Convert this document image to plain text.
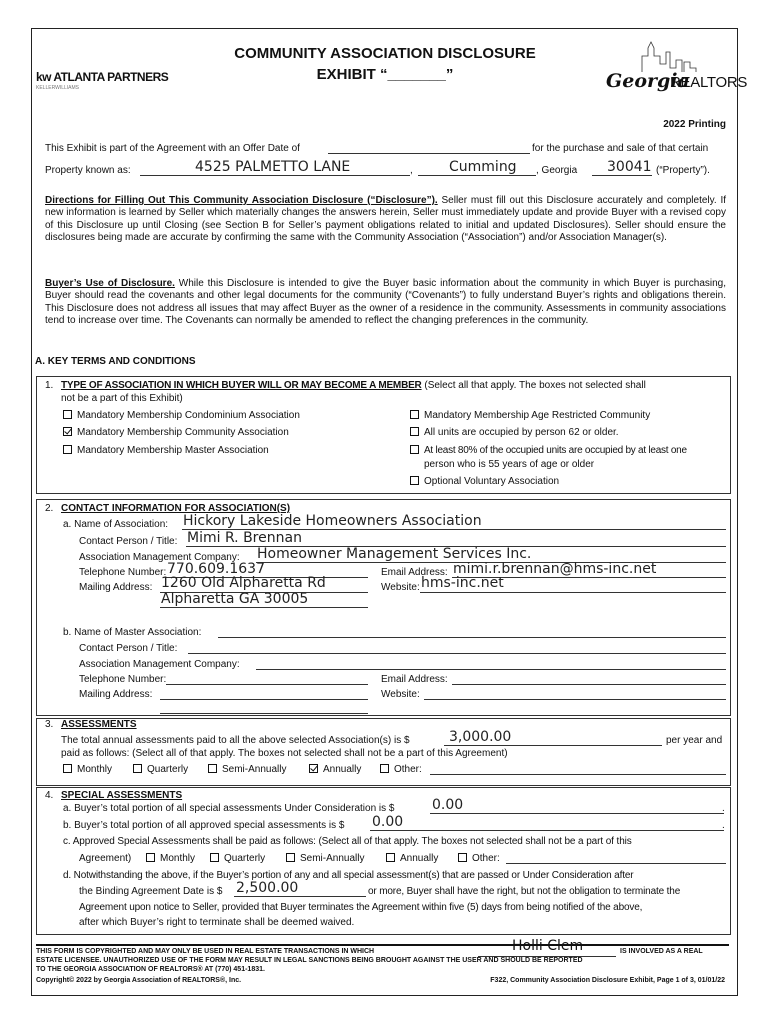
kw ATLANTA PARTNERS
KELLERWILLIAMS
COMMUNITY ASSOCIATION DISCLOSURE
EXHIBIT “_______”	Georgia
REALTORS
2022 Printing
This Exhibit is part of the Agreement with an Offer Date of	for the purchase and sale of that certain
Property known as:	4525 PALMETTO LANE	,	Cumming , Georgia 30041 (“Property”).
Directions for Filling Out This Community Association Disclosure (“Disclosure”). Seller must fill out this Disclosure accurately and completely. If new information is learned by Seller which materially changes the answers herein, Seller must immediately update and provide Buyer with a revised copy of this Disclosure up until Closing (see Section B for Seller’s payment obligations related to initial and updated Disclosures). Seller should ensure the disclosures being made are accurate by confirming the same with the Community Association (“Association”) and/or Association Manager(s).
Buyer’s Use of Disclosure. While this Disclosure is intended to give the Buyer basic information about the community in which Buyer is purchasing, Buyer should read the covenants and other legal documents for the community (“Covenants”) to fully understand Buyer’s rights and obligations therein. This Disclosure does not address all issues that may affect Buyer as the owner of a residence in the community. Assessments in community associations tend to increase over time. The Covenants can normally be amended to reflect the changing preferences in the community.
A. KEY TERMS AND CONDITIONS
1. TYPE OF ASSOCIATION IN WHICH BUYER WILL OR MAY BECOME A MEMBER (Select all that apply. The boxes not selected shall
not be a part of this Exhibit)
Mandatory Membership Condominium Association
Mandatory Membership Community Association
Mandatory Membership Master Association
Mandatory Membership Age Restricted Community
All units are occupied by person 62 or older.
At least 80% of the occupied units are occupied by at least one
person who is 55 years of age or older
Optional Voluntary Association
2. CONTACT INFORMATION FOR ASSOCIATION(S)
a. Name of Association: Hickory Lakeside Homeowners Association
Contact Person / Title: Mimi R. Brennan
Association Management Company: Homeowner Management Services Inc.
Telephone Number: 770.609.1637	Email Address: mimi.r.brennan@hms-inc.net
Mailing Address: 1260 Old Alpharetta Rd	Website: hms-inc.net
Alpharetta GA 30005
b. Name of Master Association:
Contact Person / Title:
Association Management Company:
Telephone Number:	Email Address:
Mailing Address:	Website:
3. ASSESSMENTS
The total annual assessments paid to all the above selected Association(s) is $	3,000.00	per year and
paid as follows: (Select all of that apply. The boxes not selected shall not be a part of this Agreement)
Monthly	Quarterly	Semi-Annually	Annually	Other:
4. SPECIAL ASSESSMENTS
a. Buyer’s total portion of all special assessments Under Consideration is $	0.00	.
b. Buyer’s total portion of all approved special assessments is $ 0.00	.
c. Approved Special Assessments shall be paid as follows: (Select all of that apply. The boxes not selected shall not be a part of this
Agreement)	Monthly	Quarterly	Semi-Annually	Annually	Other:
d. Notwithstanding the above, if the Buyer’s portion of any and all special assessment(s) that are passed or Under Consideration after
the Binding Agreement Date is $ 2,500.00	or more, Buyer shall have the right, but not the obligation to terminate the
Agreement upon notice to Seller, provided that Buyer terminates the Agreement within five (5) days from being notified of the above,
after which Buyer’s right to terminate shall be deemed waived.
THIS FORM IS COPYRIGHTED AND MAY ONLY BE USED IN REAL ESTATE TRANSACTIONS IN WHICH	Holli Clem	IS INVOLVED AS A REAL
ESTATE LICENSEE. UNAUTHORIZED USE OF THE FORM MAY RESULT IN LEGAL SANCTIONS BEING BROUGHT AGAINST THE USER AND SHOULD BE REPORTED
TO THE GEORGIA ASSOCIATION OF REALTORS® AT (770) 451-1831.
Copyright© 2022 by Georgia Association of REALTORS®, Inc.	F322, Community Association Disclosure Exhibit, Page 1 of 3, 01/01/22
